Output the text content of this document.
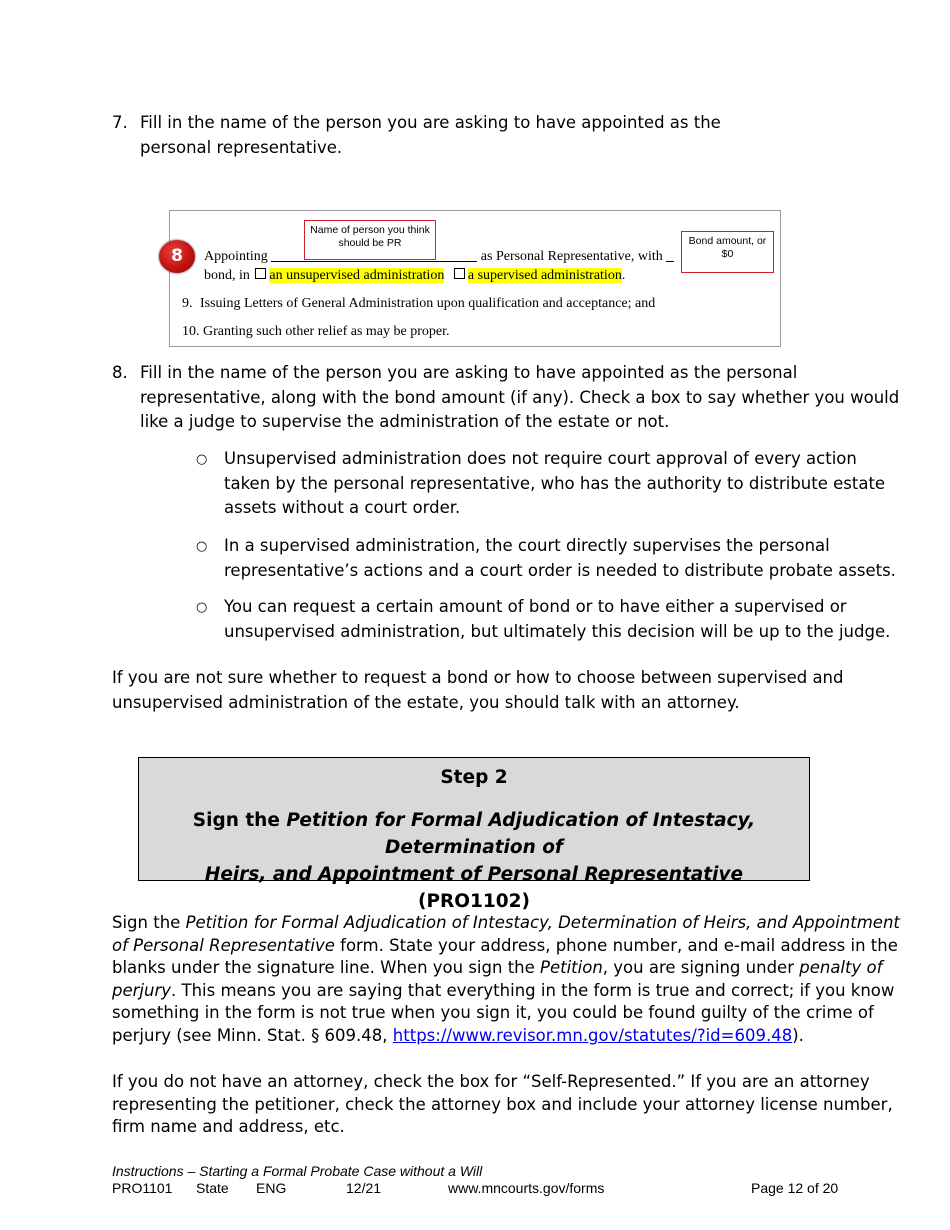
7. Fill in the name of the person you are asking to have appointed as the personal representative.
Appointing	as Personal Representative, with
bond, in an unsupervised administration a supervised administration.
9. Issuing Letters of General Administration upon qualification and acceptance; and
10. Granting such other relief as may be proper.
Name of person you think should be PR	Bond amount, or $0
8
8. Fill in the name of the person you are asking to have appointed as the personal
representative, along with the bond amount (if any). Check a box to say whether you would
like a judge to supervise the administration of the estate or not.
○ Unsupervised administration does not require court approval of every action
taken by the personal representative, who has the authority to distribute estate
assets without a court order.
○ In a supervised administration, the court directly supervises the personal
representative’s actions and a court order is needed to distribute probate assets.
○ You can request a certain amount of bond or to have either a supervised or
unsupervised administration, but ultimately this decision will be up to the judge.
If you are not sure whether to request a bond or how to choose between supervised and
unsupervised administration of the estate, you should talk with an attorney.
Step 2
Sign the Petition for Formal Adjudication of Intestacy, Determination of
Heirs, and Appointment of Personal Representative (PRO1102)
Sign the Petition for Formal Adjudication of Intestacy, Determination of Heirs, and Appointment
of Personal Representative form. State your address, phone number, and e-mail address in the
blanks under the signature line. When you sign the Petition, you are signing under penalty of
perjury. This means you are saying that everything in the form is true and correct; if you know
something in the form is not true when you sign it, you could be found guilty of the crime of
perjury (see Minn. Stat. § 609.48, https://www.revisor.mn.gov/statutes/?id=609.48).
If you do not have an attorney, check the box for “Self-Represented.” If you are an attorney
representing the petitioner, check the attorney box and include your attorney license number,
firm name and address, etc.
Instructions – Starting a Formal Probate Case without a Will
PRO1101 State ENG	12/21	www.mncourts.gov/forms	Page 12 of 20
